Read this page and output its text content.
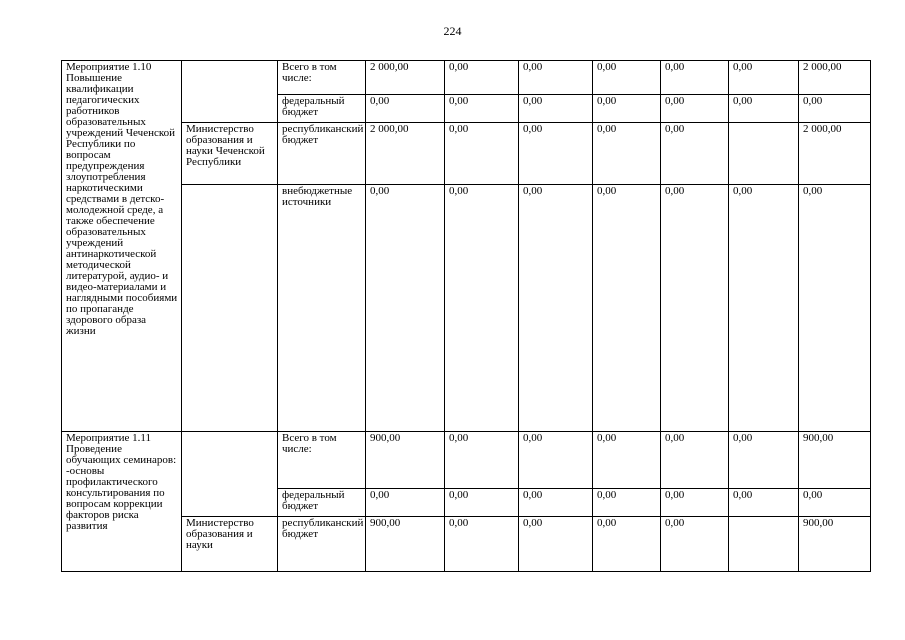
224
Мероприятие 1.10 Повышение квалификации педагогических работников образовательных учреждений Чеченской Республики по вопросам предупреждения злоупотребления наркотическими средствами в детско-молодежной среде, а также обеспечение образовательных учреждений антинаркотической методической литературой, аудио- и видео-материалами и наглядными пособиями по пропаганде здорового образа жизни		Всего в том числе:	2 000,00	0,00	0,00	0,00	0,00	0,00	2 000,00
		федеральный бюджет	0,00	0,00	0,00	0,00	0,00	0,00	0,00
	Министерство образования и науки Чеченской Республики	республиканский бюджет	2 000,00	0,00	0,00	0,00	0,00		2 000,00
		внебюджетные источники	0,00	0,00	0,00	0,00	0,00	0,00	0,00
Мероприятие 1.11 Проведение обучающих семинаров: -основы профилактического консультирования по вопросам коррекции факторов риска развития		Всего в том числе:	900,00	0,00	0,00	0,00	0,00	0,00	900,00
		федеральный бюджет	0,00	0,00	0,00	0,00	0,00	0,00	0,00
	Министерство образования и науки	республиканский бюджет	900,00	0,00	0,00	0,00	0,00		900,00
